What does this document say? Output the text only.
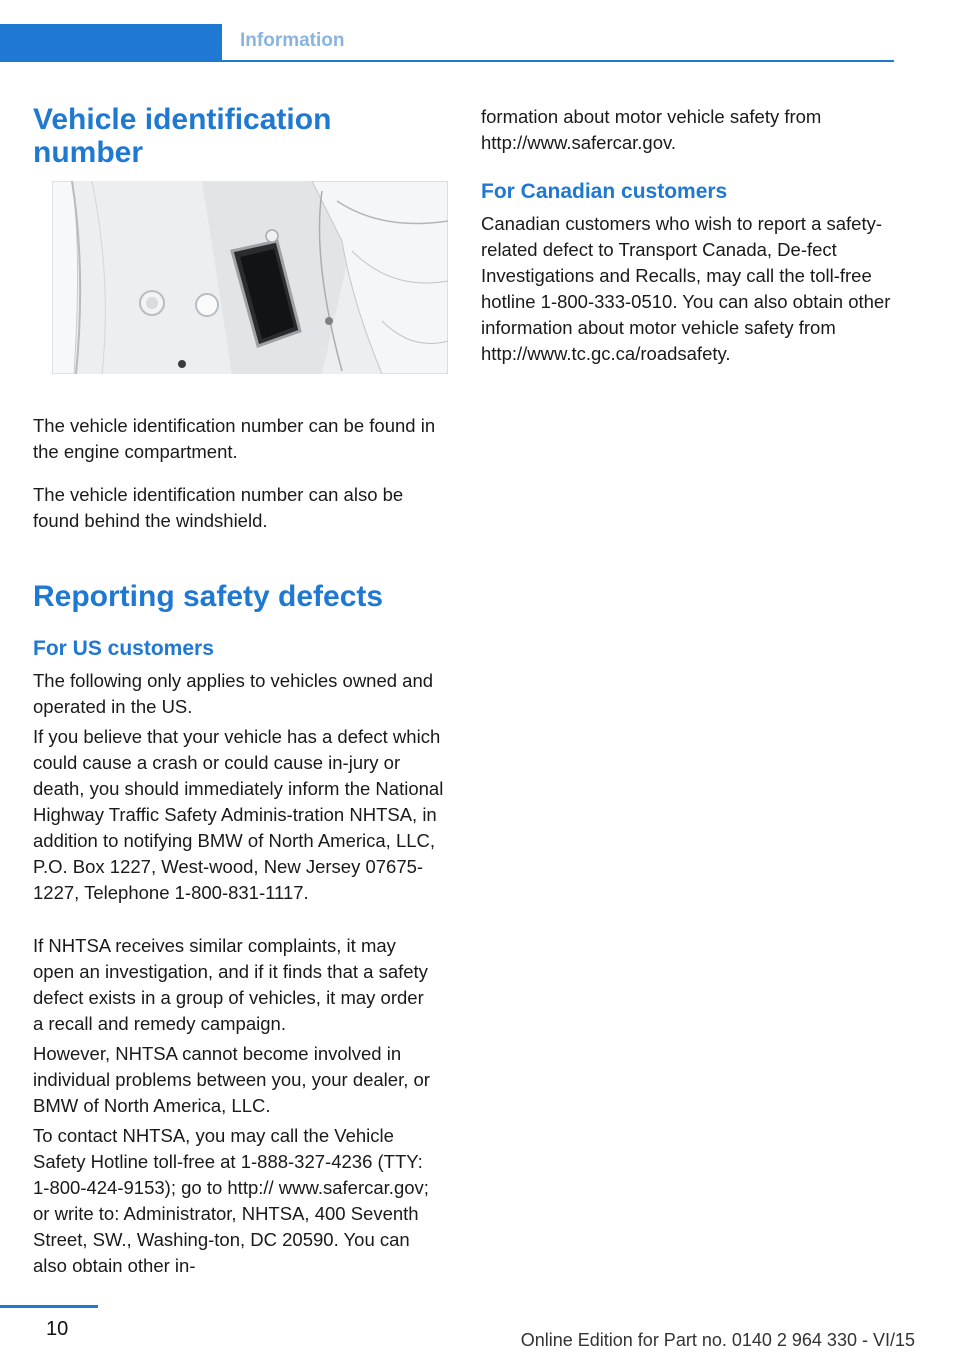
Information
Vehicle identification number

The vehicle identification number can be found in the engine compartment.

The vehicle identification number can also be found behind the windshield.

Reporting safety defects
For US customers

The following only applies to vehicles owned and operated in the US.

If you believe that your vehicle has a defect which could cause a crash or could cause in-jury or death, you should immediately inform the National Highway Traffic Safety Adminis-tration NHTSA, in addition to notifying BMW of North America, LLC, P.O. Box 1227, West-wood, New Jersey 07675-1227, Telephone 1-800-831-1117.

If NHTSA receives similar complaints, it may open an investigation, and if it finds that a safety defect exists in a group of vehicles, it may order a recall and remedy campaign.

However, NHTSA cannot become involved in individual problems between you, your dealer, or BMW of North America, LLC.

To contact NHTSA, you may call the Vehicle Safety Hotline toll-free at 1-888-327-4236 (TTY: 1-800-424-9153); go to http:// www.safercar.gov; or write to: Administrator, NHTSA, 400 Seventh Street, SW., Washing-ton, DC 20590. You can also obtain other in-

formation about motor vehicle safety from http://www.safercar.gov.

For Canadian customers

Canadian customers who wish to report a safety-related defect to Transport Canada, De-fect Investigations and Recalls, may call the toll-free hotline 1-800-333-0510. You can also obtain other information about motor vehicle safety from http://www.tc.gc.ca/roadsafety.

10	Online Edition for Part no. 0140 2 964 330 - VI/15
